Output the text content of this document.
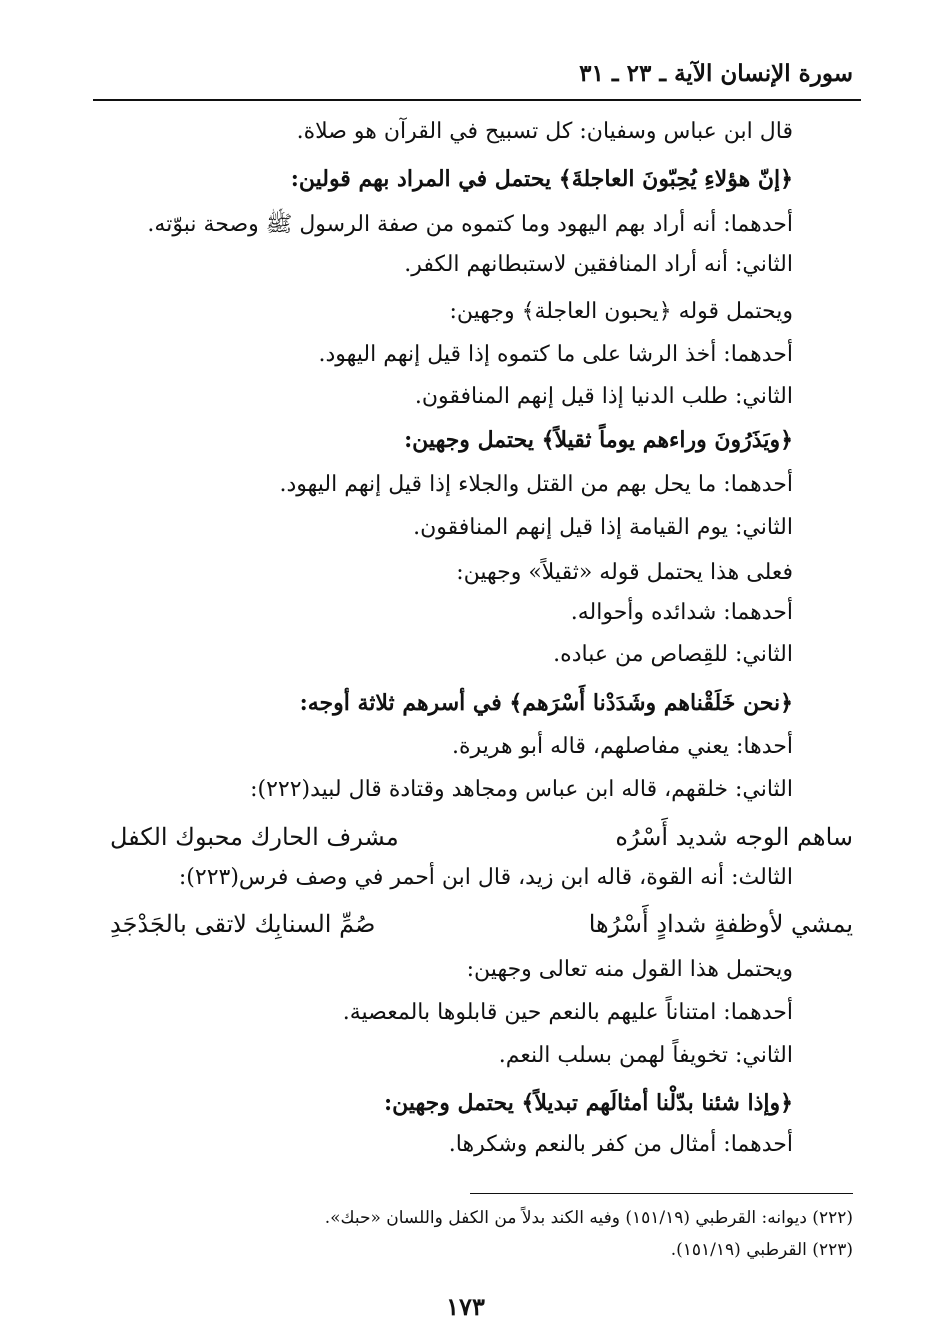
سورة الإنسان الآية ـ ٢٣ ـ ٣١
قال ابن عباس وسفيان: كل تسبيح في القرآن هو صلاة.
﴿إنّ هؤلاءِ يُحِبّونَ العاجلةَ﴾ يحتمل في المراد بهم قولين:
أحدهما: أنه أراد بهم اليهود وما كتموه من صفة الرسول ﷺ وصحة نبوّته.
الثاني: أنه أراد المنافقين لاستبطانهم الكفر.
ويحتمل قوله ﴿يحبون العاجلة﴾ وجهين:
أحدهما: أخذ الرشا على ما كتموه إذا قيل إنهم اليهود.
الثاني: طلب الدنيا إذا قيل إنهم المنافقون.
﴿ويَذَرُونَ وراءهم يوماً ثقيلاً﴾ يحتمل وجهين:
أحدهما: ما يحل بهم من القتل والجلاء إذا قيل إنهم اليهود.
الثاني: يوم القيامة إذا قيل إنهم المنافقون.
فعلى هذا يحتمل قوله «ثقيلاً» وجهين:
أحدهما: شدائده وأحواله.
الثاني: للقِصاص من عباده.
﴿نحن خَلَقْناهم وشَدَدْنا أَسْرَهم﴾ في أسرهم ثلاثة أوجه:
أحدها: يعني مفاصلهم، قاله أبو هريرة.
الثاني: خلقهم، قاله ابن عباس ومجاهد وقتادة قال لبيد(٢٢٢):
ساهم الوجه شديد أَسْرُه
مشرف الحارك محبوك الكفل
الثالث: أنه القوة، قاله ابن زيد، قال ابن أحمر في وصف فرس(٢٢٣):
يمشي لأوظفةٍ شدادٍ أَسْرُها
صُمِّ السنابِك لاتقى بالجَدْجَدِ
ويحتمل هذا القول منه تعالى وجهين:
أحدهما: امتناناً عليهم بالنعم حين قابلوها بالمعصية.
الثاني: تخويفاً لهمن بسلب النعم.
﴿وإذا شئنا بدّلْنا أمثالَهم تبديلاً﴾ يحتمل وجهين:
أحدهما: أمثال من كفر بالنعم وشكرها.
(٢٢٢) ديوانه: القرطبي (١٥١/١٩) وفيه الكند بدلاً من الكفل واللسان «حبك».
(٢٢٣) القرطبي (١٥١/١٩).
١٧٣
